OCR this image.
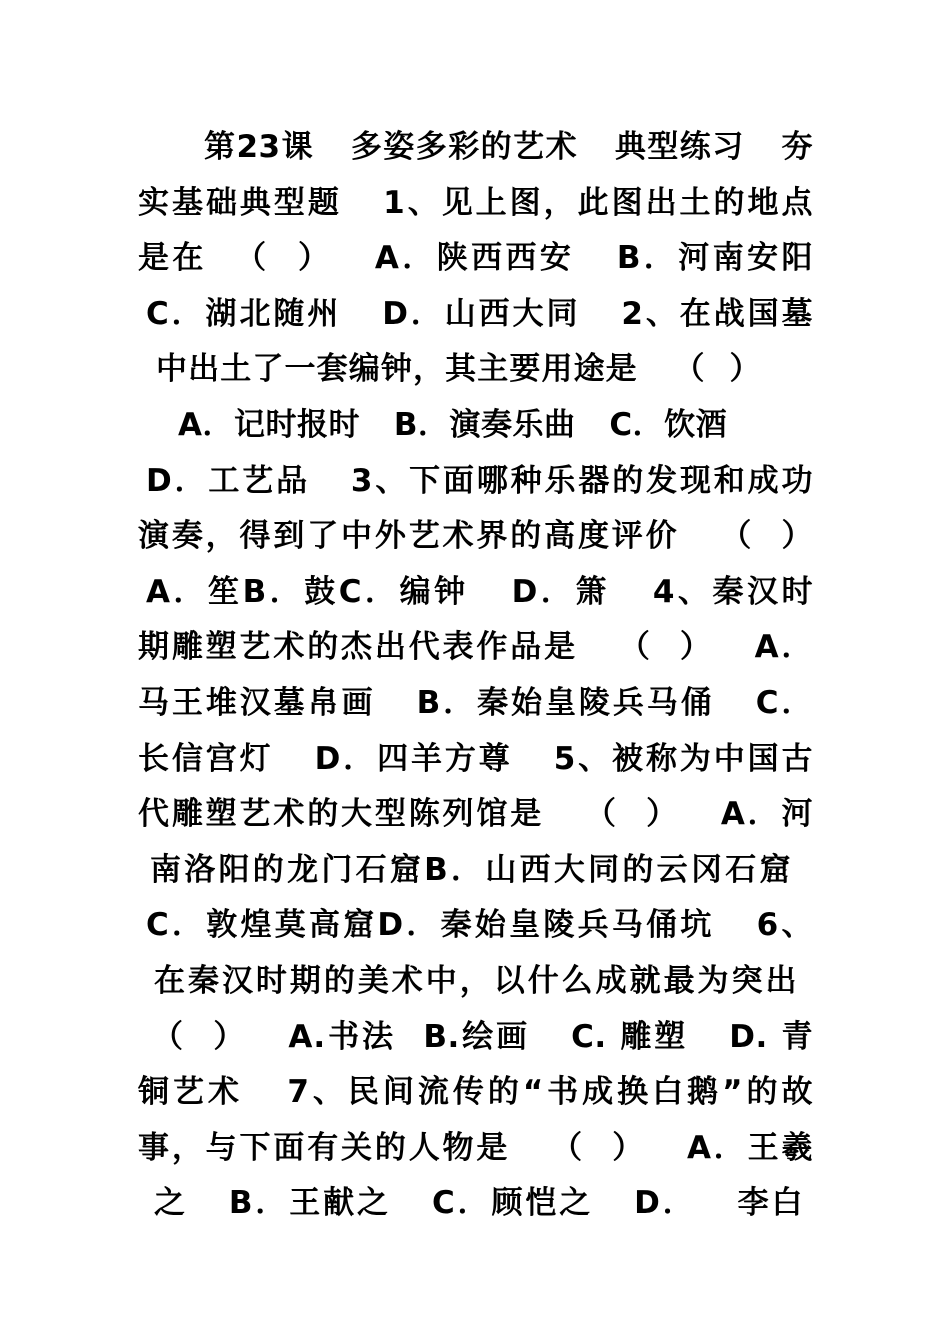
第23课   多姿多彩的艺术   典型练习   夯
实基础典型题   1、见上图，此图出土的地点
是在  （  ）   A．陕西西安   B．河南安阳
C．湖北随州   D．山西大同   2、在战国墓
中出土了一套编钟，其主要用途是   （  ）
A．记时报时   B．演奏乐曲   C．饮酒
D．工艺品   3、下面哪种乐器的发现和成功
演奏，得到了中外艺术界的高度评价   （  ）
A．笙B．鼓C．编钟   D．箫   4、秦汉时
期雕塑艺术的杰出代表作品是   （  ）   A．
马王堆汉墓帛画   B．秦始皇陵兵马俑   C．
长信宫灯   D．四羊方尊   5、被称为中国古
代雕塑艺术的大型陈列馆是   （  ）   A．河
南洛阳的龙门石窟B．山西大同的云冈石窟
C．敦煌莫高窟D．秦始皇陵兵马俑坑   6、
在秦汉时期的美术中，以什么成就最为突出
（  ）   A.书法  B.绘画   C. 雕塑   D. 青
铜艺术   7、民间流传的“书成换白鹅”的故
事，与下面有关的人物是   （  ）   A．王羲
之   B．王献之   C．顾恺之   D．   李白
